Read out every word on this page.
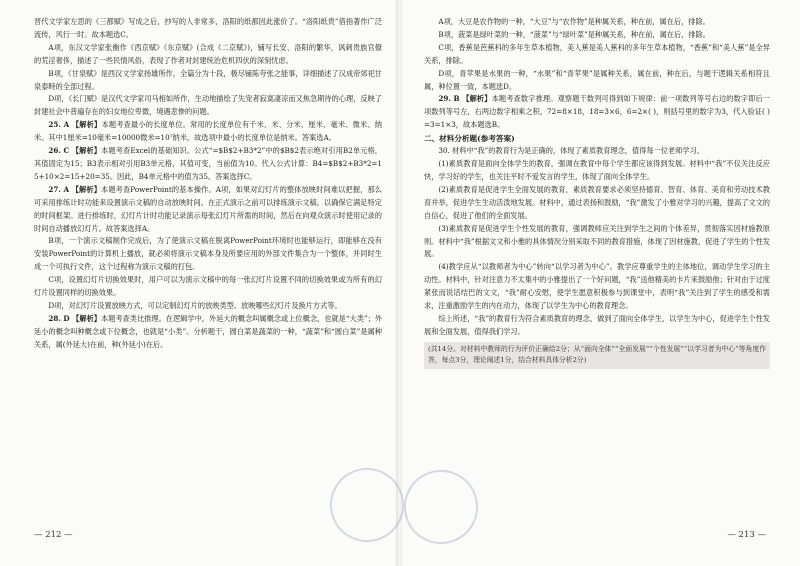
晋代文学家左思的《三都赋》写成之后，抄写的人非常多，洛阳的纸都因此涨价了。“洛阳纸贵”借指著作广泛流传，风行一时。故本题选C。

A项，东汉文学家张衡作《西京赋》《东京赋》(合成《二京赋》)，铺写长安、洛阳的繁华，讽刺贵族官僚的荒淫奢侈，描述了一些民情风俗，表现了作者对封建统治危机四伏的深刻忧虑。

B项，《甘泉赋》是西汉文学家扬雄所作，全篇分为十段，极尽铺陈夸张之能事，详细描述了汉成帝郊祀甘泉泰畤的全部过程。

D项，《长门赋》是汉代文学家司马相如所作，生动地描绘了失宠者寂寞凄凉而又焦急期待的心理，反映了封建社会中普遍存在的妇女地位卑微，境遇悲惨的问题。

25. A 【解析】本题考查最小的长度单位。常用的长度单位有千米、米、分米、厘米、毫米、微米、纳米。其中1厘米=10毫米=10000微米=10⁷纳米，故选项中最小的长度单位是纳米。答案选A。

26. C 【解析】本题考查Excel的基础知识。公式“=$B$2+B3*2”中的$B$2表示绝对引用B2单元格，其值固定为15；B3表示相对引用B3单元格，其值可变，当前值为10。代入公式计算：B4=$B$2+B3*2=15+10×2=15+20=35。因此，B4单元格中的值为35。答案选择C。

27. A 【解析】本题考查PowerPoint的基本操作。A项，如果对幻灯片的整体放映时间难以把握，那么可采用排练计时功能来设置演示文稿的自动放映时间。在正式演示之前可以排练演示文稿，以确保它满足特定的时间框架。进行排练时，幻灯片计时功能记录演示每张幻灯片所需的时间，然后在向观众演示时使用记录的时间自动播放幻灯片。故答案选择A。

B项，一个演示文稿制作完成后，为了使演示文稿在脱离PowerPoint环境时也能够运行，即能够在没有安装PowerPoint的计算机上播放，就必须将演示文稿本身及所要应用的外部文件集合为一个整体，并同时生成一个可执行文件，这个过程称为演示文稿的打包。

C项，设置幻灯片切换效果时，用户可以为演示文稿中的每一张幻灯片设置不同的切换效果或为所有的幻灯片设置同样的切换效果。

D项，对幻灯片设置放映方式，可以定制幻灯片的放映类型、放映哪些幻灯片及换片方式等。

28. D 【解析】本题考查类比推理。在逻辑学中，外延大的概念叫属概念或上位概念，也就是“大类”；外延小的概念叫种概念或下位概念，也就是“小类”。分析题干，圆白菜是蔬菜的一种，“蔬菜”和“圆白菜”是属种关系，属(外延大)在前，种(外延小)在后。

— 212 —

A项，大豆是农作物的一种，“大豆”与“农作物”是种属关系，种在前，属在后，排除。

B项，菠菜是绿叶菜的一种，“菠菜”与“绿叶菜”是种属关系，种在前，属在后，排除。

C项，香蕉是芭蕉科的多年生草本植物，美人蕉是美人蕉科的多年生草本植物，“香蕉”和“美人蕉”是全异关系，排除。

D项，青苹果是水果的一种，“水果”和“青苹果”是属种关系，属在前，种在后，与题干逻辑关系相符且属，种位置一致，本题选D。

29. B 【解析】本题考查数字推理。观察题干数列可得到如下规律：前一项数列等号右边的数字即后一项数列等号左，右两边数字相乘之积，72=8×18，18=3×6，6=2×( )，则括号里的数字为3，代入验证( )=3=1×3，故本题选B。

二、材料分析题(参考答案)

30. 材料中“我”的教育行为是正确的，体现了素质教育理念，值得每一位老师学习。

(1)素质教育是面向全体学生的教育，强调在教育中每个学生都应该得到发展。材料中“我”不仅关注反应快，学习好的学生，也关注平时不爱发言的学生，体现了面向全体学生。

(2)素质教育是促进学生全面发展的教育，素质教育要求必须坚持德育、智育、体育、美育和劳动技术教育并举，促进学生生动活泼地发展。材料中，通过表扬和鼓励，“我”激发了小雅对学习的兴趣，提高了文文的自信心，促进了他们的全面发展。

(3)素质教育是促进学生个性发展的教育，强调教师应关注到学生之间的个体差异，贯彻落实因材施教原则。材料中“我”根据文文和小雅的具体情况分别采取不同的教育措施，体现了因材施教，促进了学生的个性发展。

(4)教学应从“以教师者为中心”转向“以学习者为中心”。教学应尊重学生的主体地位，调动学生学习的主动性。材料中，针对注意力不太集中的小雅提出了一个好问题，“我”送他精美的卡片来鼓励他；针对由于过度紧张而说话结巴的文文，“我”耐心安慰，使学生愿意积极参与到课堂中，表明“我”关注到了学生的感受和需求，注重激励学生的内在动力，体现了以学生为中心的教育理念。

综上所述，“我”的教育行为符合素质教育的理念，做到了面向全体学生，以学生为中心，促进学生个性发展和全面发展，值得我们学习。

(共14分。对材料中教师的行为评价正确给2分；从“面向全体”“全面发展”“个性发展”“以学习者为中心”等角度作答，每点3分，理论阐述1分，结合材料具体分析2分)
— 213 —
